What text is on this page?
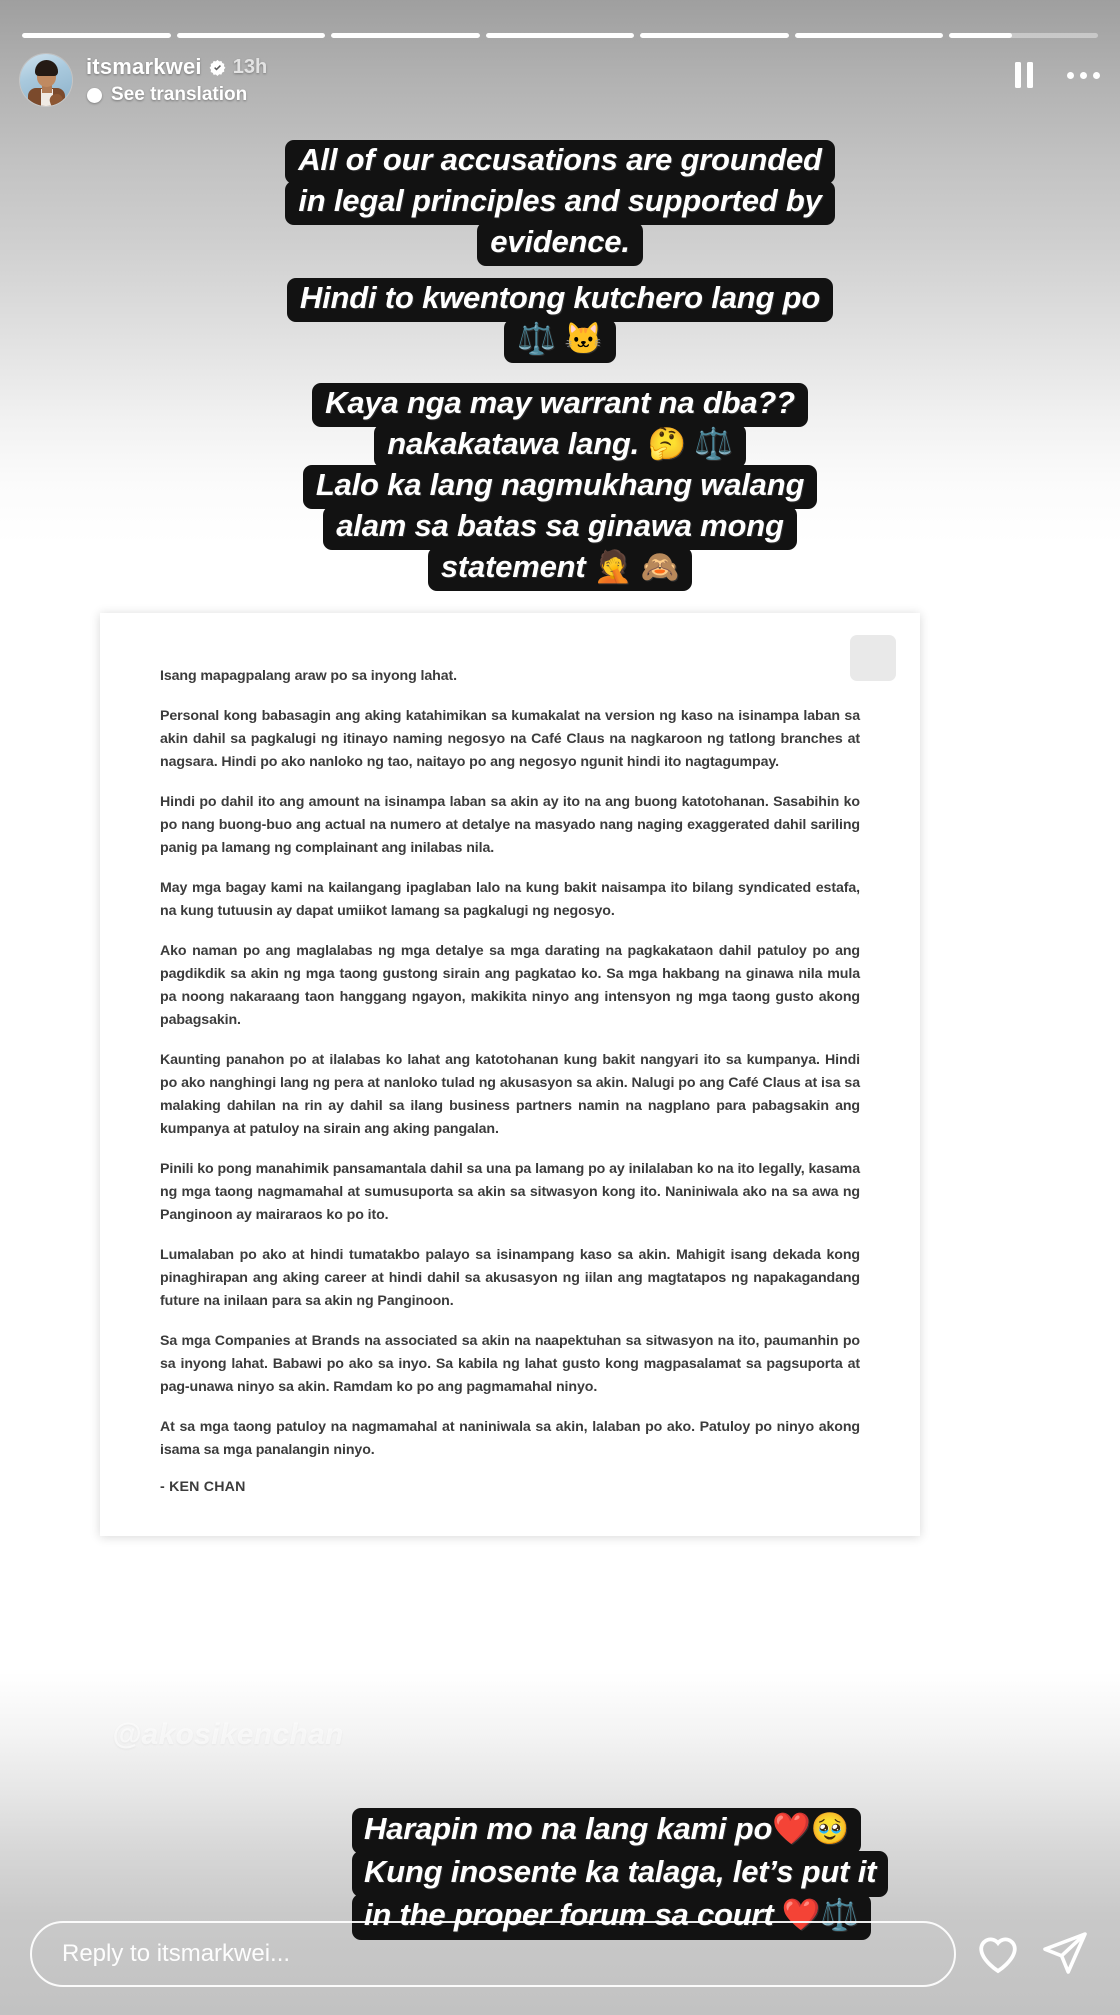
itsmarkwei 13h
See translation
All of our accusations are grounded
in legal principles and supported by
evidence.
Hindi to kwentong kutchero lang po
⚖️ 🐱
Kaya nga may warrant na dba??
nakakatawa lang. 🤔 ⚖️
Lalo ka lang nagmukhang walang
alam sa batas sa ginawa mong
statement 🤦 🙈

Isang mapagpalang araw po sa inyong lahat.

Personal kong babasagin ang aking katahimikan sa kumakalat na version ng kaso na isinampa laban sa akin dahil sa pagkalugi ng itinayo naming negosyo na Café Claus na nagkaroon ng tatlong branches at nagsara. Hindi po ako nanloko ng tao, naitayo po ang negosyo ngunit hindi ito nagtagumpay.

Hindi po dahil ito ang amount na isinampa laban sa akin ay ito na ang buong katotohanan. Sasabihin ko po nang buong-buo ang actual na numero at detalye na masyado nang naging exaggerated dahil sariling panig pa lamang ng complainant ang inilabas nila.

May mga bagay kami na kailangang ipaglaban lalo na kung bakit naisampa ito bilang syndicated estafa, na kung tutuusin ay dapat umiikot lamang sa pagkalugi ng negosyo.

Ako naman po ang maglalabas ng mga detalye sa mga darating na pagkakataon dahil patuloy po ang pagdikdik sa akin ng mga taong gustong sirain ang pagkatao ko. Sa mga hakbang na ginawa nila mula pa noong nakaraang taon hanggang ngayon, makikita ninyo ang intensyon ng mga taong gusto akong pabagsakin.

Kaunting panahon po at ilalabas ko lahat ang katotohanan kung bakit nangyari ito sa kumpanya. Hindi po ako nanghingi lang ng pera at nanloko tulad ng akusasyon sa akin. Nalugi po ang Café Claus at isa sa malaking dahilan na rin ay dahil sa ilang business partners namin na nagplano para pabagsakin ang kumpanya at patuloy na sirain ang aking pangalan.

Pinili ko pong manahimik pansamantala dahil sa una pa lamang po ay inilalaban ko na ito legally, kasama ng mga taong nagmamahal at sumusuporta sa akin sa sitwasyon kong ito. Naniniwala ako na sa awa ng Panginoon ay mairaraos ko po ito.

Lumalaban po ako at hindi tumatakbo palayo sa isinampang kaso sa akin. Mahigit isang dekada kong pinaghirapan ang aking career at hindi dahil sa akusasyon ng iilan ang magtatapos ng napakagandang future na inilaan para sa akin ng Panginoon.

Sa mga Companies at Brands na associated sa akin na naapektuhan sa sitwasyon na ito, paumanhin po sa inyong lahat. Babawi po ako sa inyo. Sa kabila ng lahat gusto kong magpasalamat sa pagsuporta at pag-unawa ninyo sa akin. Ramdam ko po ang pagmamahal ninyo.

At sa mga taong patuloy na nagmamahal at naniniwala sa akin, lalaban po ako. Patuloy po ninyo akong isama sa mga panalangin ninyo.

- KEN CHAN

@akosikenchan
Harapin mo na lang kami po❤️🥹
Kung inosente ka talaga, let’s put it
in the proper forum sa court ❤️⚖️
Reply to itsmarkwei...
